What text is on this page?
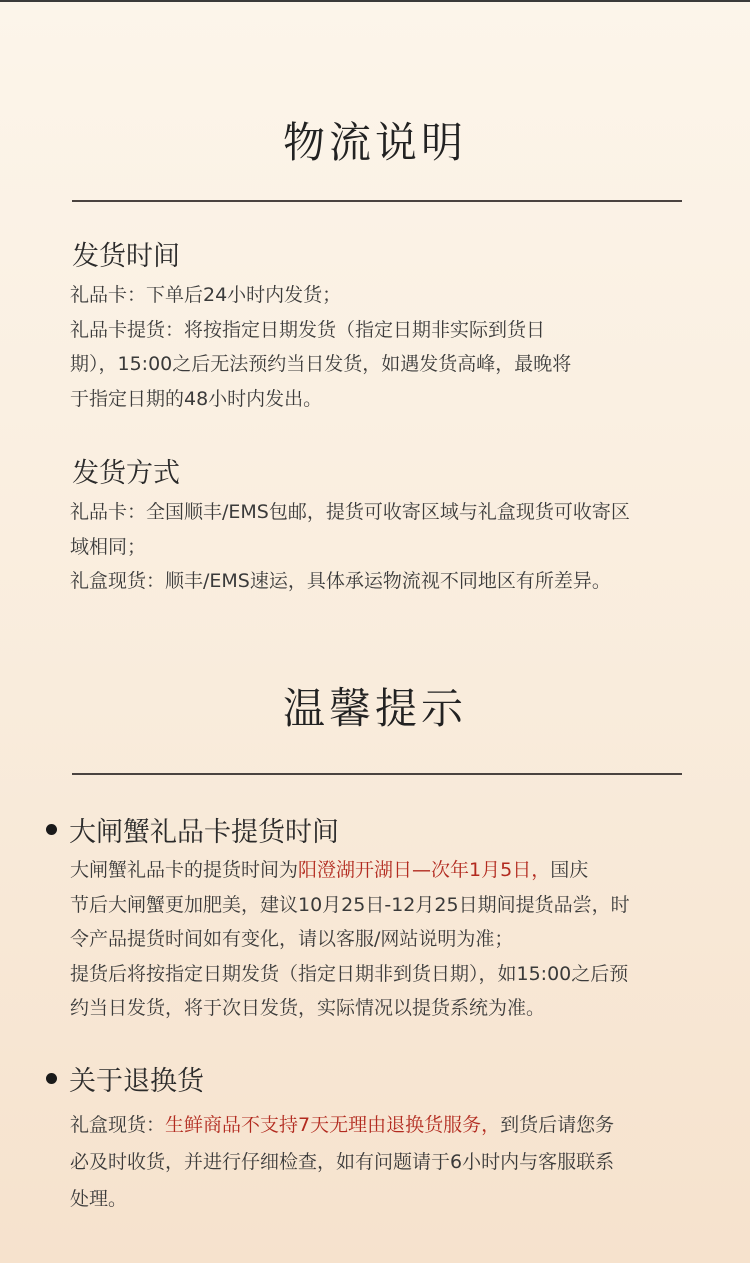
物流说明
发货时间
礼品卡：下单后24小时内发货；
礼品卡提货：将按指定日期发货（指定日期非实际到货日
期），15:00之后无法预约当日发货，如遇发货高峰，最晚将
于指定日期的48小时内发出。
发货方式
礼品卡：全国顺丰/EMS包邮，提货可收寄区域与礼盒现货可收寄区
域相同；
礼盒现货：顺丰/EMS速运，具体承运物流视不同地区有所差异。
温馨提示
大闸蟹礼品卡提货时间
大闸蟹礼品卡的提货时间为阳澄湖开湖日—次年1月5日，国庆
节后大闸蟹更加肥美，建议10月25日-12月25日期间提货品尝，时
令产品提货时间如有变化，请以客服/网站说明为准；
提货后将按指定日期发货（指定日期非到货日期），如15:00之后预
约当日发货，将于次日发货，实际情况以提货系统为准。
关于退换货
礼盒现货：生鲜商品不支持7天无理由退换货服务，到货后请您务
必及时收货，并进行仔细检查，如有问题请于6小时内与客服联系
处理。
